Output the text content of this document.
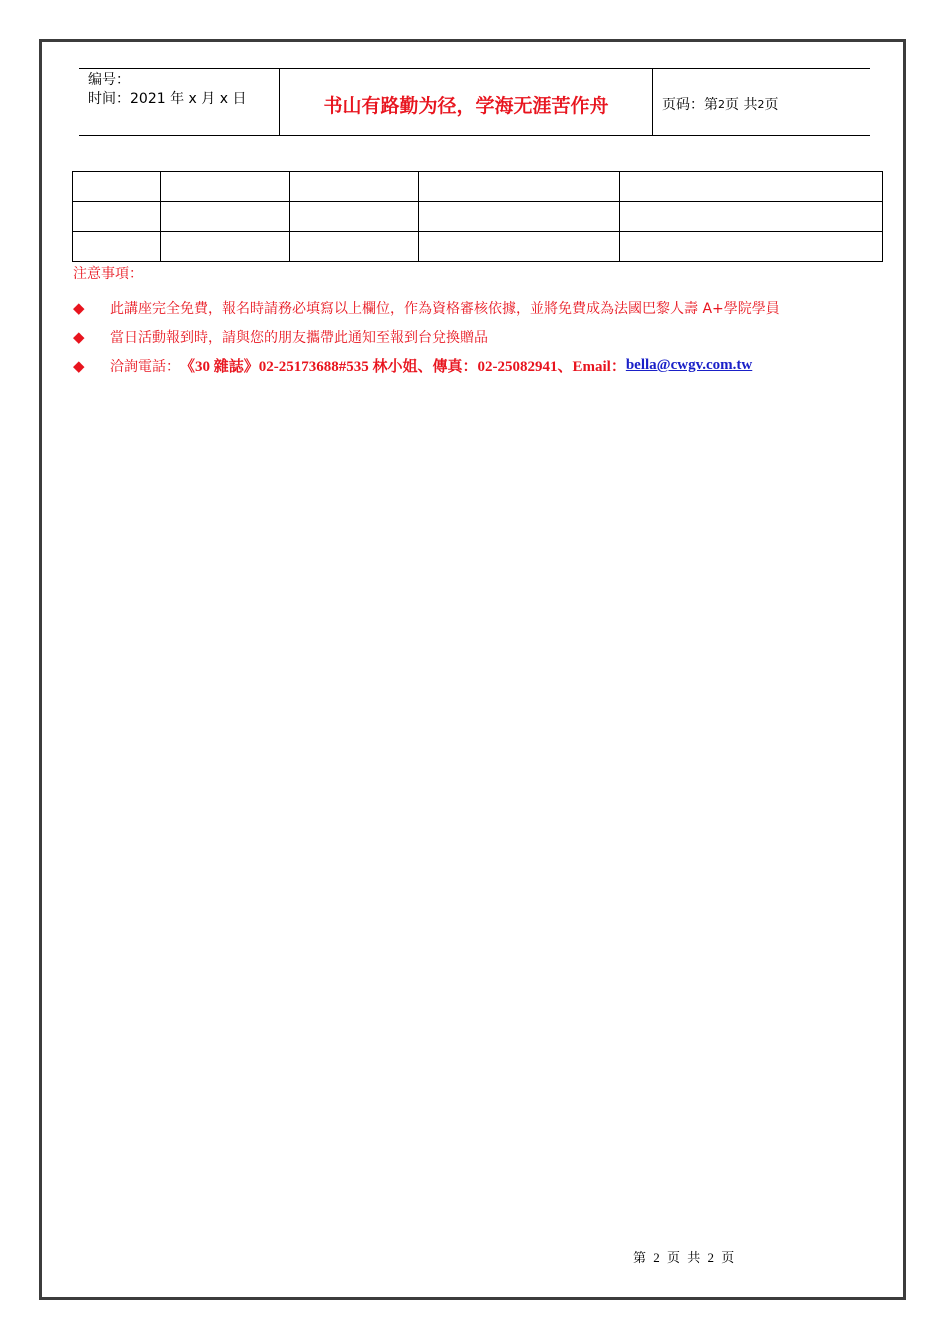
编号：
时间：2021 年 x 月 x 日	书山有路勤为径，学海无涯苦作舟	页码：第 2 页 共 2 页

注意事項：
◆	此講座完全免費，報名時請務必填寫以上欄位，作為資格審核依據，並將免費成為法國巴黎人壽 A+學院學員
◆	當日活動報到時，請與您的朋友攜帶此通知至報到台兌換贈品
◆	洽詢電話： 《30 雜誌》02-25173688#535 林小姐、傳真：02-25082941、Email： bella@cwgv.com.tw
第 2 页 共 2 页
